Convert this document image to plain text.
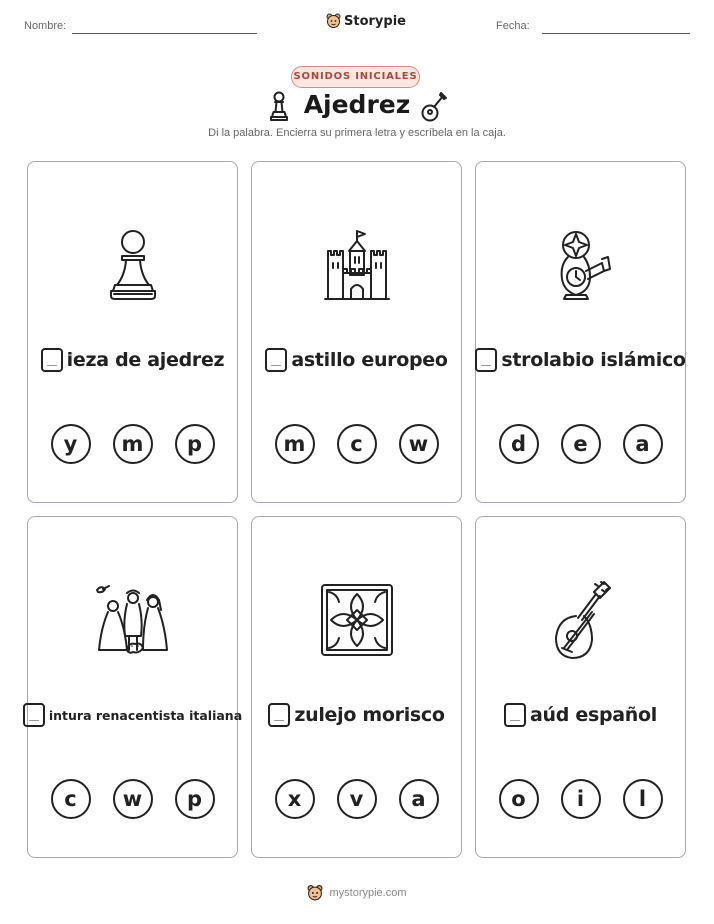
Nombre:	Fecha:
Storypie
SONIDOS INICIALES
Ajedrez
Di la palabra. Encierra su primera letra y escríbela en la caja.
ieza de ajedrez
y	m	p
astillo europeo
m	c	w
strolabio islámico
d	e	a
intura renacentista italiana
c	w	p
zulejo morisco
x	v	a
aúd español
o	i	l
mystorypie.com
